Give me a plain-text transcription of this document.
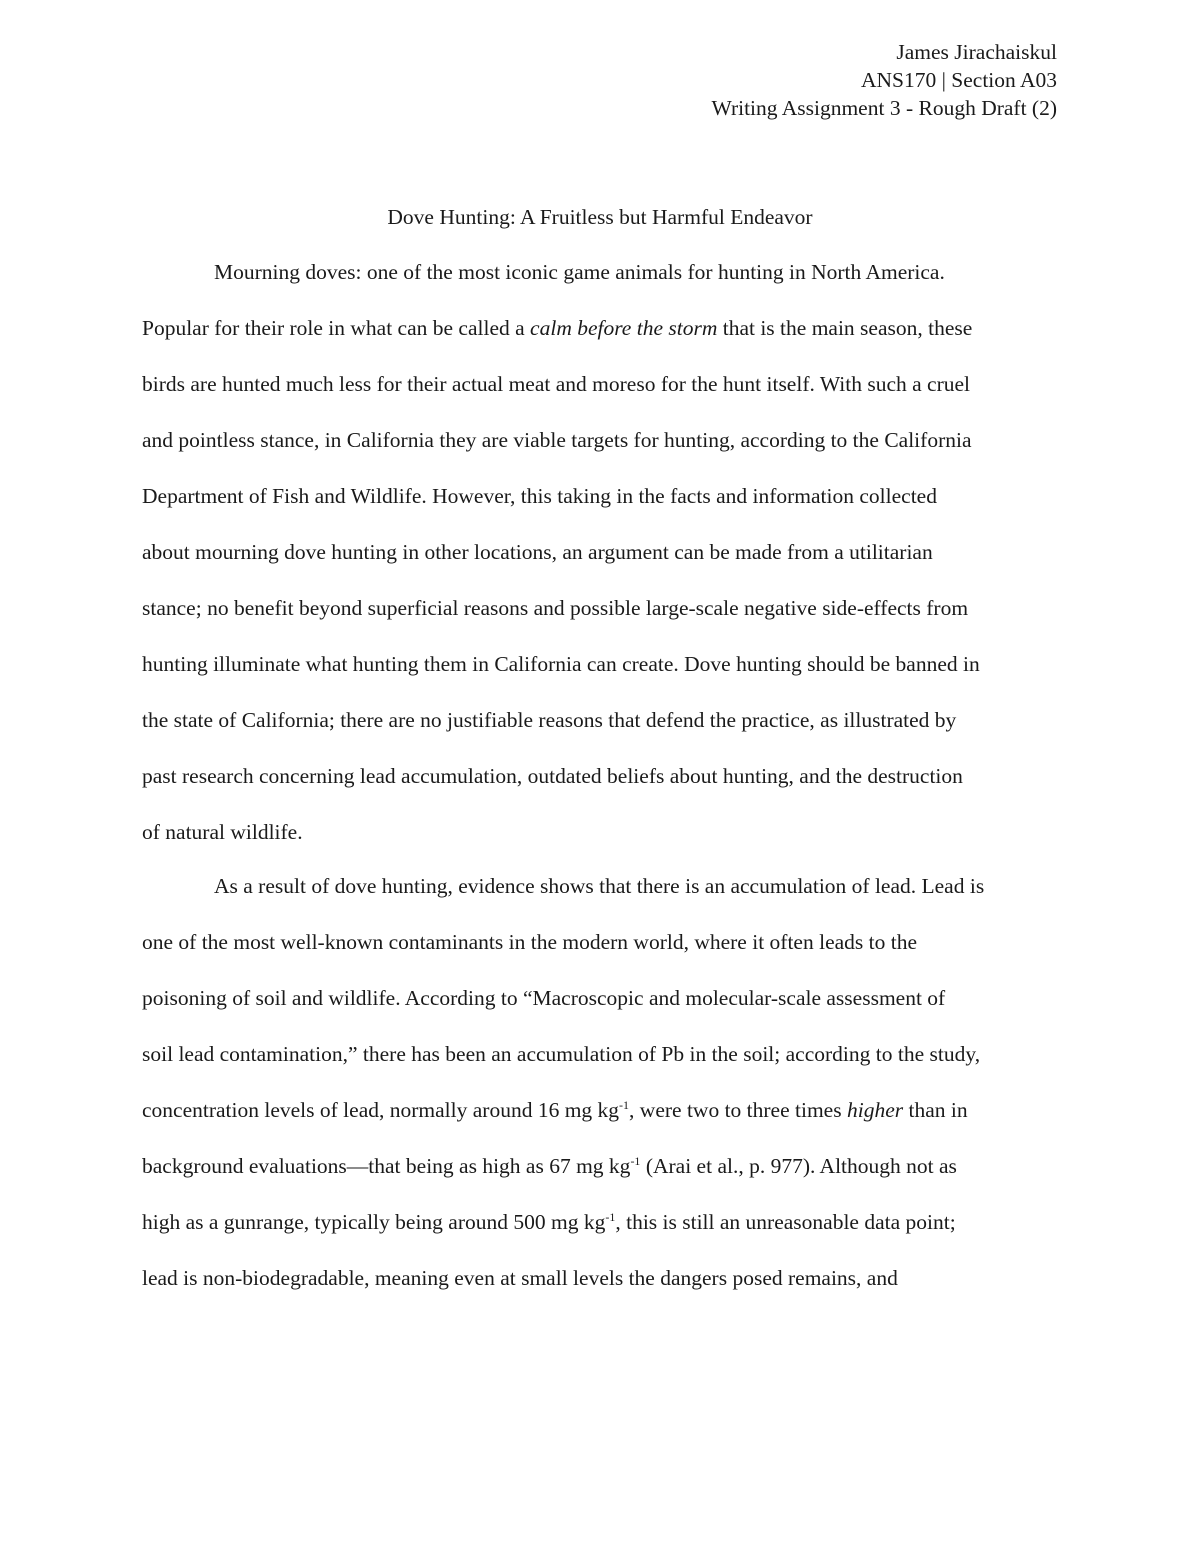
James Jirachaiskul
ANS170 | Section A03
Writing Assignment 3 - Rough Draft (2)
Dove Hunting: A Fruitless but Harmful Endeavor
Mourning doves: one of the most iconic game animals for hunting in North America.
Popular for their role in what can be called a calm before the storm that is the main season, these
birds are hunted much less for their actual meat and moreso for the hunt itself. With such a cruel
and pointless stance, in California they are viable targets for hunting, according to the California
Department of Fish and Wildlife. However, this taking in the facts and information collected
about mourning dove hunting in other locations, an argument can be made from a utilitarian
stance; no benefit beyond superficial reasons and possible large-scale negative side-effects from
hunting illuminate what hunting them in California can create. Dove hunting should be banned in
the state of California; there are no justifiable reasons that defend the practice, as illustrated by
past research concerning lead accumulation, outdated beliefs about hunting, and the destruction
of natural wildlife.
As a result of dove hunting, evidence shows that there is an accumulation of lead. Lead is
one of the most well-known contaminants in the modern world, where it often leads to the
poisoning of soil and wildlife. According to “Macroscopic and molecular-scale assessment of
soil lead contamination,” there has been an accumulation of Pb in the soil; according to the study,
concentration levels of lead, normally around 16 mg $kg^{-1}$, were two to three times higher than in
background evaluations—that being as high as 67 mg $kg^{-1}$ (Arai et al., p. 977). Although not as
high as a gunrange, typically being around 500 mg $kg^{-1}$, this is still an unreasonable data point;
lead is non-biodegradable, meaning even at small levels the dangers posed remains, and
